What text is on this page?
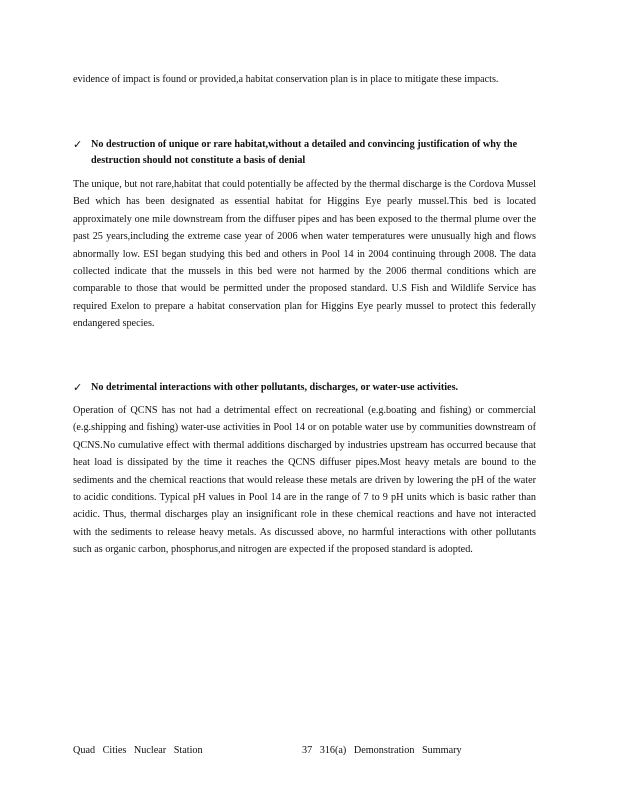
evidence of impact is found or provided,a habitat conservation plan is in place to mitigate these impacts.
✓ No destruction of unique or rare habitat,without a detailed and convincing justification of why the destruction should not constitute a basis of denial
The unique, but not rare,habitat that could potentially be affected by the thermal discharge is the Cordova Mussel Bed which has been designated as essential habitat for Higgins Eye pearly mussel.This bed is located approximately one mile downstream from the diffuser pipes and has been exposed to the thermal plume over the past 25 years,including the extreme case year of 2006 when water temperatures were unusually high and flows abnormally low. ESI began studying this bed and others in Pool 14 in 2004 continuing through 2008. The data collected indicate that the mussels in this bed were not harmed by the 2006 thermal conditions which are comparable to those that would be permitted under the proposed standard. U.S Fish and Wildlife Service has required Exelon to prepare a habitat conservation plan for Higgins Eye pearly mussel to protect this federally endangered species.
✓ No detrimental interactions with other pollutants, discharges, or water-use activities.
Operation of QCNS has not had a detrimental effect on recreational (e.g.boating and fishing) or commercial (e.g.shipping and fishing) water-use activities in Pool 14 or on potable water use by communities downstream of QCNS.No cumulative effect with thermal additions discharged by industries upstream has occurred because that heat load is dissipated by the time it reaches the QCNS diffuser pipes.Most heavy metals are bound to the sediments and the chemical reactions that would release these metals are driven by lowering the pH of the water to acidic conditions. Typical pH values in Pool 14 are in the range of 7 to 9 pH units which is basic rather than acidic. Thus, thermal discharges play an insignificant role in these chemical reactions and have not interacted with the sediments to release heavy metals. As discussed above, no harmful interactions with other pollutants such as organic carbon, phosphorus,and nitrogen are expected if the proposed standard is adopted.
Quad Cities Nuclear Station	37 316(a) Demonstration Summary
